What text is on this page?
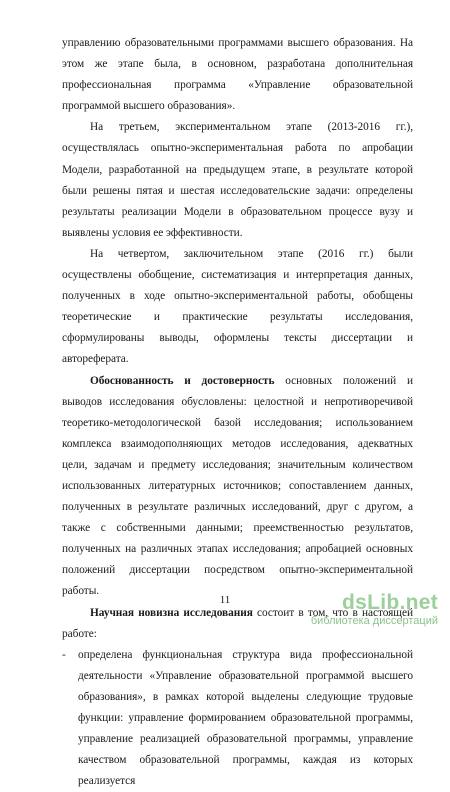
управлению образовательными программами высшего образования. На этом же этапе была, в основном, разработана дополнительная профессиональная программа «Управление образовательной программой высшего образования».

На третьем, экспериментальном этапе (2013-2016 гг.), осуществлялась опытно-экспериментальная работа по апробации Модели, разработанной на предыдущем этапе, в результате которой были решены пятая и шестая исследовательские задачи: определены результаты реализации Модели в образовательном процессе вузу и выявлены условия ее эффективности.

На четвертом, заключительном этапе (2016 гг.) были осуществлены обобщение, систематизация и интерпретация данных, полученных в ходе опытно-экспериментальной работы, обобщены теоретические и практические результаты исследования, сформулированы выводы, оформлены тексты диссертации и автореферата.

Обоснованность и достоверность основных положений и выводов исследования обусловлены: целостной и непротиворечивой теоретико-методологической базой исследования; использованием комплекса взаимодополняющих методов исследования, адекватных цели, задачам и предмету исследования; значительным количеством использованных литературных источников; сопоставлением данных, полученных в результате различных исследований, друг с другом, а также с собственными данными; преемственностью результатов, полученных на различных этапах исследования; апробацией основных положений диссертации посредством опытно-экспериментальной работы.

Научная новизна исследования состоит в том, что в настоящей работе:

-	определена функциональная структура вида профессиональной деятельности «Управление образовательной программой высшего образования», в рамках которой выделены следующие трудовые функции: управление формированием образовательной программы, управление реализацией образовательной программы, управление качеством образовательной программы, каждая из которых реализуется
11	dsLib.net
библиотека диссертаций
